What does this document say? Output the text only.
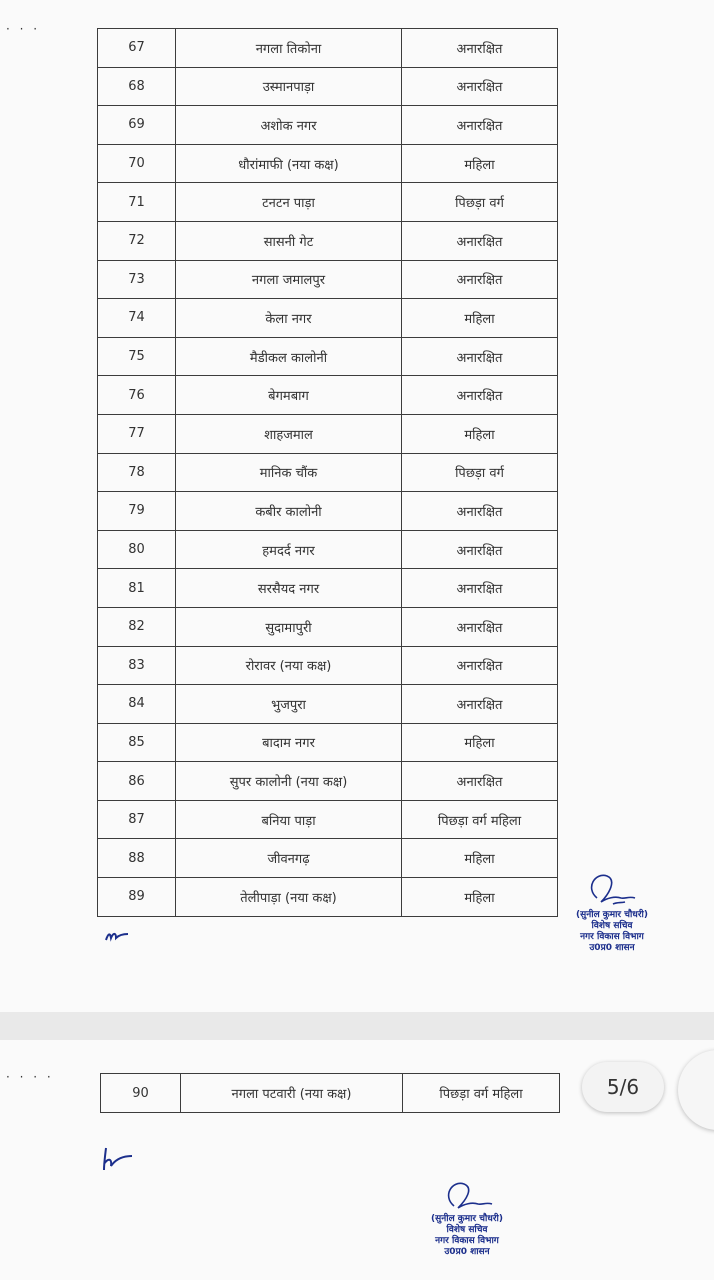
· · ·
67	नगला तिकोना	अनारक्षित
68	उस्मानपाड़ा	अनारक्षित
69	अशोक नगर	अनारक्षित
70	धौरांमाफी (नया कक्ष)	महिला
71	टनटन पाड़ा	पिछड़ा वर्ग
72	सासनी गेट	अनारक्षित
73	नगला जमालपुर	अनारक्षित
74	केला नगर	महिला
75	मैडीकल कालोनी	अनारक्षित
76	बेगमबाग	अनारक्षित
77	शाहजमाल	महिला
78	मानिक चौंक	पिछड़ा वर्ग
79	कबीर कालोनी	अनारक्षित
80	हमदर्द नगर	अनारक्षित
81	सरसैयद नगर	अनारक्षित
82	सुदामापुरी	अनारक्षित
83	रोरावर (नया कक्ष)	अनारक्षित
84	भुजपुरा	अनारक्षित
85	बादाम नगर	महिला
86	सुपर कालोनी (नया कक्ष)	अनारक्षित
87	बनिया पाड़ा	पिछड़ा वर्ग महिला
88	जीवनगढ़	महिला
89	तेलीपाड़ा (नया कक्ष)	महिला
(सुनील कुमार चौधरी)
विशेष सचिव
नगर विकास विभाग
उ0प्र0 शासन
· · · ·
90	नगला पटवारी (नया कक्ष)	पिछड़ा वर्ग महिला
(सुनील कुमार चौधरी)
विशेष सचिव
नगर विकास विभाग
उ0प्र0 शासन
5/6
